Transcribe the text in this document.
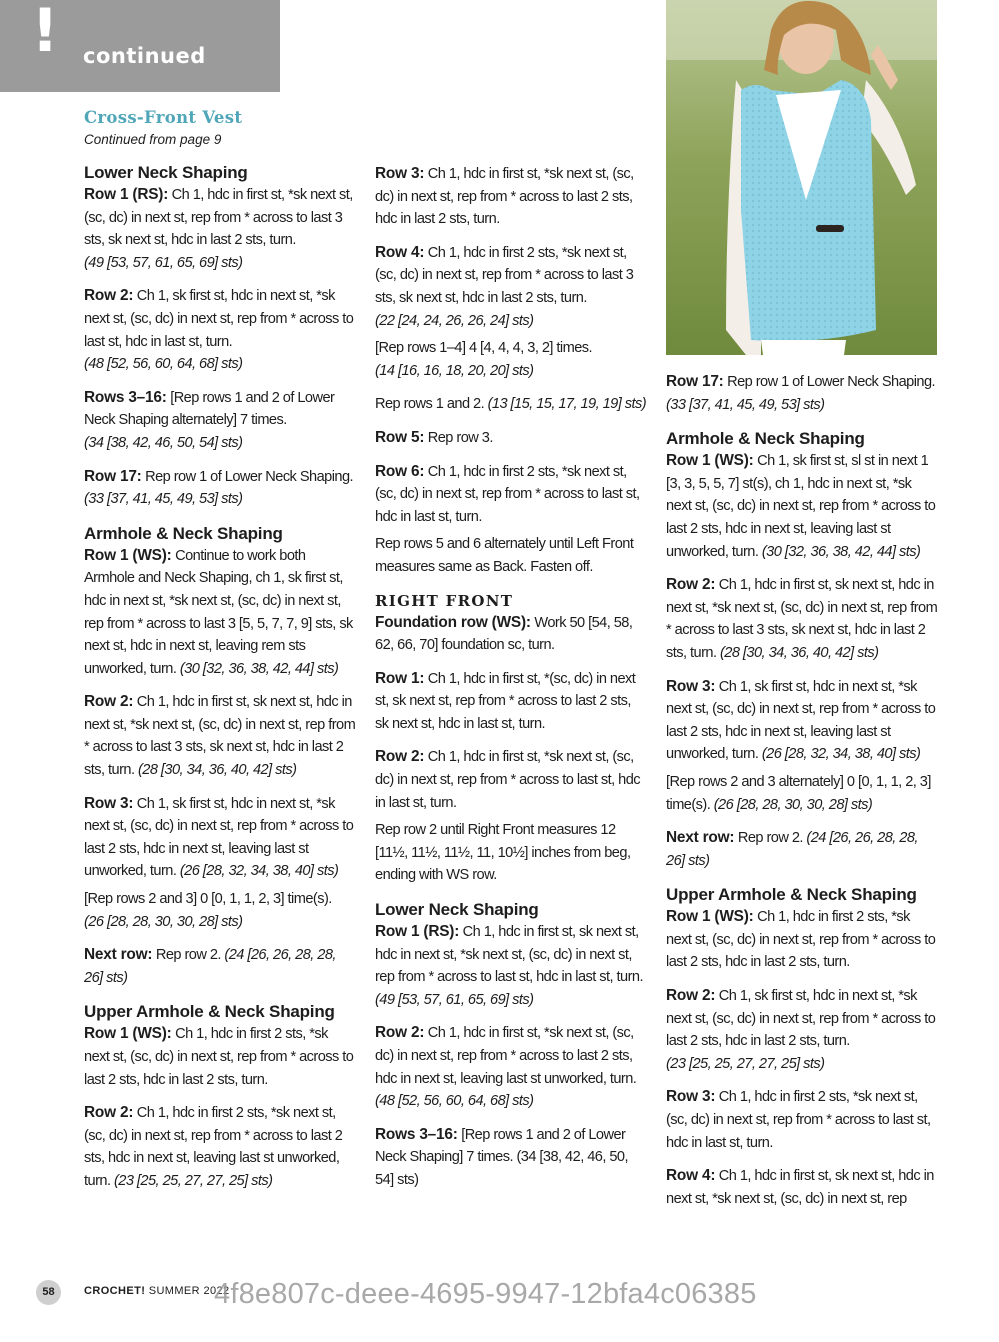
! continued
Cross-Front Vest
Continued from page 9
Lower Neck Shaping
Row 1 (RS): Ch 1, hdc in first st, *sk next st, (sc, dc) in next st, rep from * across to last 3 sts, sk next st, hdc in last 2 sts, turn.
(49 [53, 57, 61, 65, 69] sts)
Row 2: Ch 1, sk first st, hdc in next st, *sk next st, (sc, dc) in next st, rep from * across to last st, hdc in last st, turn.
(48 [52, 56, 60, 64, 68] sts)
Rows 3–16: [Rep rows 1 and 2 of Lower Neck Shaping alternately] 7 times.
(34 [38, 42, 46, 50, 54] sts)
Row 17: Rep row 1 of Lower Neck Shaping.
(33 [37, 41, 45, 49, 53] sts)
Armhole & Neck Shaping
Row 1 (WS): Continue to work both Armhole and Neck Shaping, ch 1, sk first st, hdc in next st, *sk next st, (sc, dc) in next st, rep from * across to last 3 [5, 5, 7, 7, 9] sts, sk next st, hdc in next st, leaving rem sts unworked, turn. (30 [32, 36, 38, 42, 44] sts)
Row 2: Ch 1, hdc in first st, sk next st, hdc in next st, *sk next st, (sc, dc) in next st, rep from * across to last 3 sts, sk next st, hdc in last 2 sts, turn. (28 [30, 34, 36, 40, 42] sts)
Row 3: Ch 1, sk first st, hdc in next st, *sk next st, (sc, dc) in next st, rep from * across to last 2 sts, hdc in next st, leaving last st unworked, turn. (26 [28, 32, 34, 38, 40] sts)
[Rep rows 2 and 3] 0 [0, 1, 1, 2, 3] time(s).
(26 [28, 28, 30, 30, 28] sts)
Next row: Rep row 2. (24 [26, 26, 28, 28, 26] sts)
Upper Armhole & Neck Shaping
Row 1 (WS): Ch 1, hdc in first 2 sts, *sk next st, (sc, dc) in next st, rep from * across to last 2 sts, hdc in last 2 sts, turn.
Row 2: Ch 1, hdc in first 2 sts, *sk next st, (sc, dc) in next st, rep from * across to last 2 sts, hdc in next st, leaving last st unworked, turn. (23 [25, 25, 27, 27, 25] sts)
Row 3: Ch 1, hdc in first st, *sk next st, (sc, dc) in next st, rep from * across to last 2 sts, hdc in last 2 sts, turn.
Row 4: Ch 1, hdc in first 2 sts, *sk next st, (sc, dc) in next st, rep from * across to last 3 sts, sk next st, hdc in last 2 sts, turn.
(22 [24, 24, 26, 26, 24] sts)
[Rep rows 1–4] 4 [4, 4, 4, 3, 2] times.
(14 [16, 16, 18, 20, 20] sts)
Rep rows 1 and 2. (13 [15, 15, 17, 19, 19] sts)
Row 5: Rep row 3.
Row 6: Ch 1, hdc in first 2 sts, *sk next st, (sc, dc) in next st, rep from * across to last st, hdc in last st, turn.
Rep rows 5 and 6 alternately until Left Front measures same as Back. Fasten off.
RIGHT FRONT
Foundation row (WS): Work 50 [54, 58, 62, 66, 70] foundation sc, turn.
Row 1: Ch 1, hdc in first st, *(sc, dc) in next st, sk next st, rep from * across to last 2 sts, sk next st, hdc in last st, turn.
Row 2: Ch 1, hdc in first st, *sk next st, (sc, dc) in next st, rep from * across to last st, hdc in last st, turn.
Rep row 2 until Right Front measures 12 [11½, 11½, 11½, 11, 10½] inches from beg, ending with WS row.
Lower Neck Shaping
Row 1 (RS): Ch 1, hdc in first st, sk next st, hdc in next st, *sk next st, (sc, dc) in next st, rep from * across to last st, hdc in last st, turn. (49 [53, 57, 61, 65, 69] sts)
Row 2: Ch 1, hdc in first st, *sk next st, (sc, dc) in next st, rep from * across to last 2 sts, hdc in next st, leaving last st unworked, turn. (48 [52, 56, 60, 64, 68] sts)
Rows 3–16: [Rep rows 1 and 2 of Lower Neck Shaping] 7 times. (34 [38, 42, 46, 50, 54] sts)
Row 17: Rep row 1 of Lower Neck Shaping.
(33 [37, 41, 45, 49, 53] sts)
Armhole & Neck Shaping
Row 1 (WS): Ch 1, sk first st, sl st in next 1 [3, 3, 5, 5, 7] st(s), ch 1, hdc in next st, *sk next st, (sc, dc) in next st, rep from * across to last 2 sts, hdc in next st, leaving last st unworked, turn. (30 [32, 36, 38, 42, 44] sts)
Row 2: Ch 1, hdc in first st, sk next st, hdc in next st, *sk next st, (sc, dc) in next st, rep from * across to last 3 sts, sk next st, hdc in last 2 sts, turn. (28 [30, 34, 36, 40, 42] sts)
Row 3: Ch 1, sk first st, hdc in next st, *sk next st, (sc, dc) in next st, rep from * across to last 2 sts, hdc in next st, leaving last st unworked, turn. (26 [28, 32, 34, 38, 40] sts)
[Rep rows 2 and 3 alternately] 0 [0, 1, 1, 2, 3] time(s). (26 [28, 28, 30, 30, 28] sts)
Next row: Rep row 2. (24 [26, 26, 28, 28, 26] sts)
Upper Armhole & Neck Shaping
Row 1 (WS): Ch 1, hdc in first 2 sts, *sk next st, (sc, dc) in next st, rep from * across to last 2 sts, hdc in last 2 sts, turn.
Row 2: Ch 1, sk first st, hdc in next st, *sk next st, (sc, dc) in next st, rep from * across to last 2 sts, hdc in last 2 sts, turn.
(23 [25, 25, 27, 27, 25] sts)
Row 3: Ch 1, hdc in first 2 sts, *sk next st, (sc, dc) in next st, rep from * across to last st, hdc in last st, turn.
Row 4: Ch 1, hdc in first st, sk next st, hdc in next st, *sk next st, (sc, dc) in next st, rep
58	CROCHET! SUMMER 2022
4f8e807c-deee-4695-9947-12bfa4c06385
